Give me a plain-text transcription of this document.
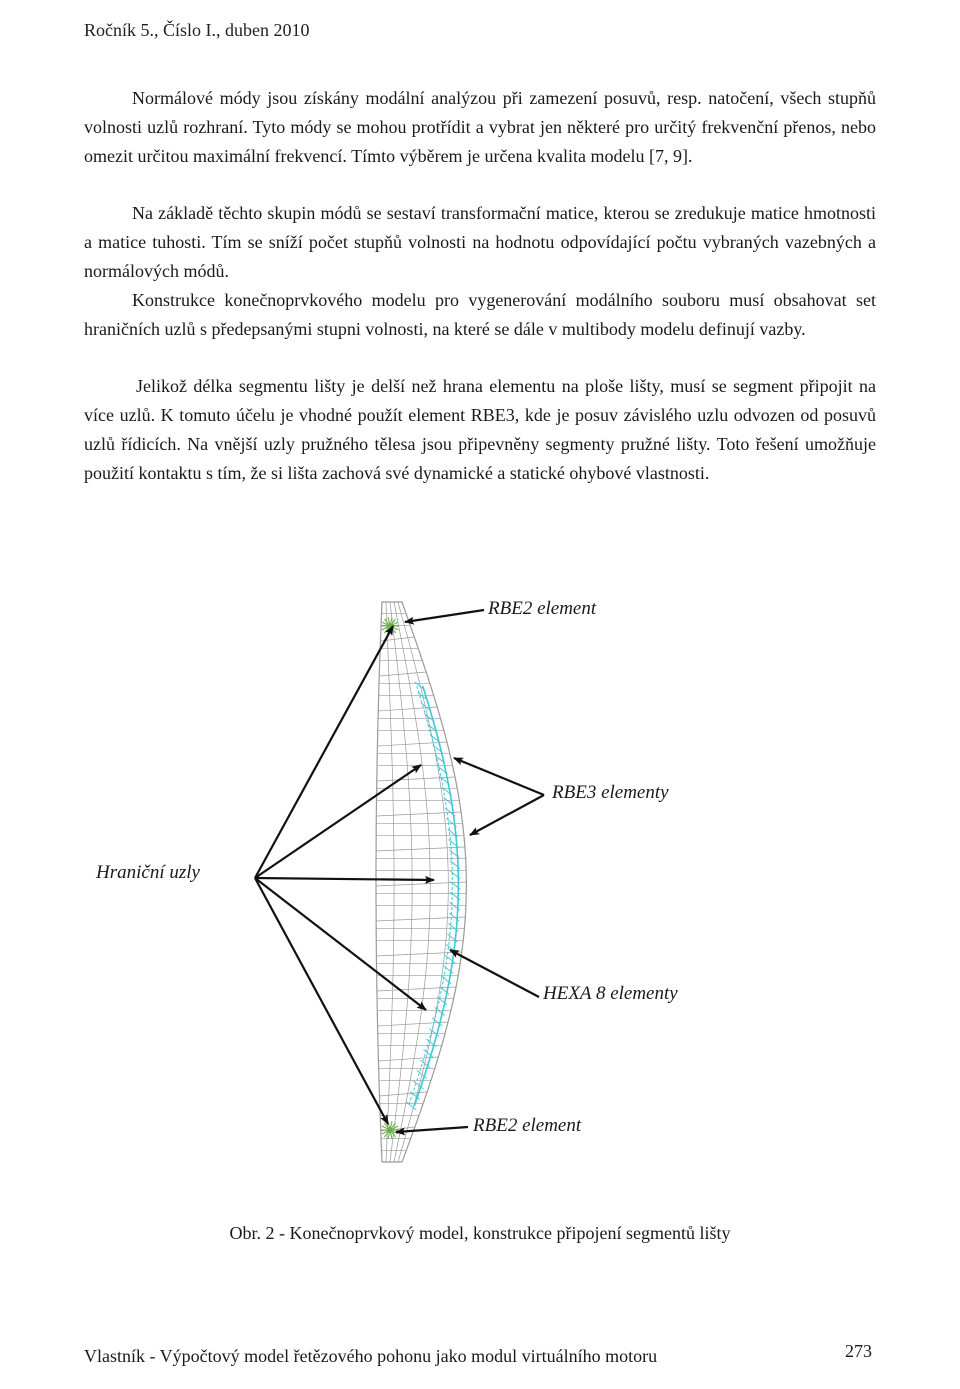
Ročník 5., Číslo I., duben 2010

Normálové módy jsou získány modální analýzou při zamezení posuvů, resp. natočení, všech stupňů volnosti uzlů rozhraní. Tyto módy se mohou protřídit a vybrat jen některé pro určitý frekvenční přenos, nebo omezit určitou maximální frekvencí. Tímto výběrem je určena kvalita modelu [7, 9].

Na základě těchto skupin módů se sestaví transformační matice, kterou se zredukuje matice hmotnosti a matice tuhosti. Tím se sníží počet stupňů volnosti na hodnotu odpovídající počtu vybraných vazebných a normálových módů.

Konstrukce konečnoprvkového modelu pro vygenerování modálního souboru musí obsahovat set hraničních uzlů s předepsanými stupni volnosti, na které se dále v multibody modelu definují vazby.

Jelikož délka segmentu lišty je delší než hrana elementu na ploše lišty, musí se segment připojit na více uzlů. K tomuto účelu je vhodné použít element RBE3, kde je posuv závislého uzlu odvozen od posuvů uzlů řídicích. Na vnější uzly pružného tělesa jsou připevněny segmenty pružné lišty. Toto řešení umožňuje použití kontaktu s tím, že si lišta zachová své dynamické a statické ohybové vlastnosti.

RBE2 element
RBE3 elementy
Hraniční uzly
HEXA 8 elementy
RBE2 element
Obr. 2 - Konečnoprvkový model, konstrukce připojení segmentů lišty
Vlastník - Výpočtový model řetězového pohonu jako modul virtuálního motoru	273
